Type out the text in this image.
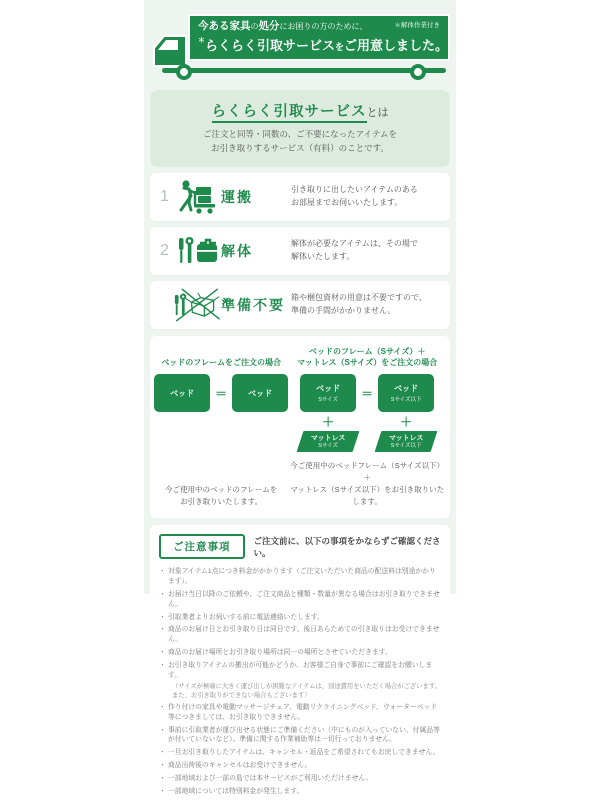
今ある家具の処分にお困りの方のために、	＊解体作業付き
＊らくらく引取サービスをご用意しました。
らくらく引取サービスとは
ご注文と同等・同数の、ご不要になったアイテムを
お引き取りするサービス（有料）のことです。
1	運搬	引き取りに出したいアイテムのある
お部屋までお伺いいたします。
2	解体	解体が必要なアイテムは、その場で
解体いたします。
準備不要 箱や梱包資材の用意は不要ですので、
準備の手間がかかりません。
ベッドのフレームをご注文の場合
ベッド ＝	ベッド
今ご使用中のベッドのフレームを
お引き取りいたします。
ベッドのフレーム（Sサイズ）＋
マットレス（Sサイズ）をご注文の場合
ベッド
Sサイズ ＝	ベッド
Sサイズ以下
＋	＋
マットレス
Sサイズ
マットレス
Sサイズ以下
今ご使用中のベッドフレーム（Sサイズ以下）＋
マットレス（Sサイズ以下）をお引き取りいたします。
ご注意事項
ご注文前に、以下の事項をかならずご確認ください。
・ 対象アイテム1点につき料金がかかります（ご注文いただいた商品の配送料は別途かかります）。
・ お届け当日以降のご依頼や、ご注文商品と種類・数量が異なる場合はお引き取りできません。
・ 引取業者よりお伺いする前に電話連絡いたします。
・ 商品のお届け日とお引き取り日は同日です。後日あらためての引き取りはお受けできません。
・ 商品のお届け場所とお引き取り場所は同一の場所とさせていただきます。
・ お引き取りアイテムの搬出が可能かどうか、お客様ご自身で事前にご確認をお願いします。
（サイズが極端に大きく運び出しが困難なアイテムは、別途費用をいただく場合がございます。
また、お引き取りができない場合もございます）
・ 作り付けの家具や電動マッサージチェア、電動リクライニングベッド、ウォーターベッド等につきましては、お引き取りできません。
・ 事前に引取業者が運び出せる状態にご準備ください（中にものが入っていない、付属品等が付いていないなど）。準備に関する作業補助等は一切行っておりません。
・ 一旦お引き取りしたアイテムは、キャンセル・返品をご希望されてもお戻しできません。
・ 商品出荷後のキャンセルはお受けできません。
・ 一部地域および一部の島では本サービスがご利用いただけません。
・ 一部地域については特別料金が発生します。
